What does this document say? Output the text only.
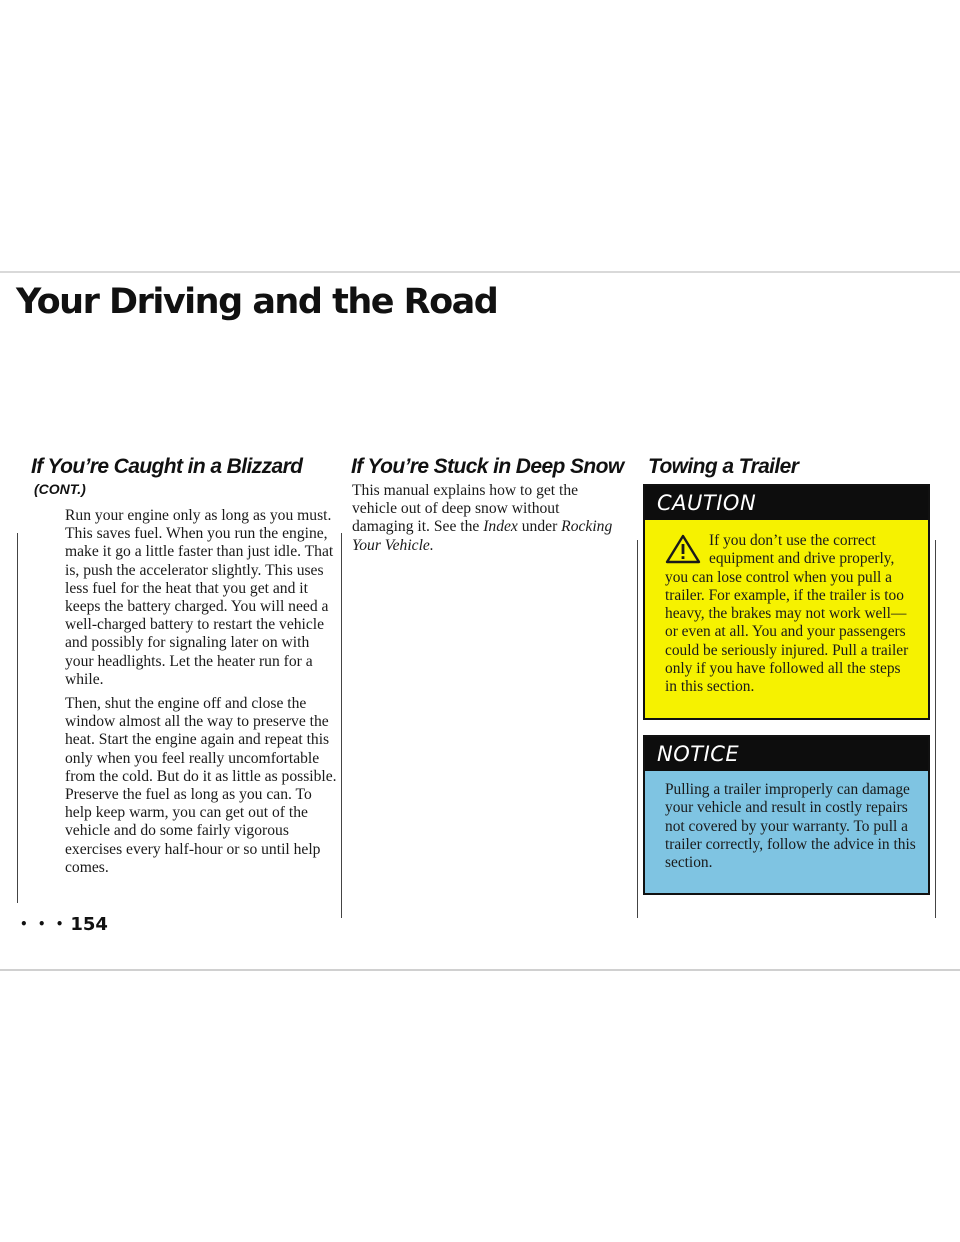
Your Driving and the Road
If You’re Caught in a Blizzard
(CONT.)

Run your engine only as long as you must. This saves fuel. When you run the engine, make it go a little faster than just idle. That is, push the accelerator slightly. This uses less fuel for the heat that you get and it keeps the battery charged. You will need a well-charged battery to restart the vehicle and possibly for signaling later on with your headlights. Let the heater run for a while.

Then, shut the engine off and close the window almost all the way to preserve the heat. Start the engine again and repeat this only when you feel really uncomfortable from the cold. But do it as little as possible. Preserve the fuel as long as you can. To help keep warm, you can get out of the vehicle and do some fairly vigorous exercises every half-hour or so until help comes.

If You’re Stuck in Deep Snow
This manual explains how to get the vehicle out of deep snow without damaging it. See the Index under Rocking Your Vehicle.
Towing a Trailer
CAUTION
If you don’t use the correct equipment and drive properly, you can lose control when you pull a trailer. For example, if the trailer is too heavy, the brakes may not work well—or even at all. You and your passengers could be seriously injured. Pull a trailer only if you have followed all the steps in this section.
NOTICE
Pulling a trailer improperly can damage your vehicle and result in costly repairs not covered by your warranty. To pull a trailer correctly, follow the advice in this section.
• • • 154
